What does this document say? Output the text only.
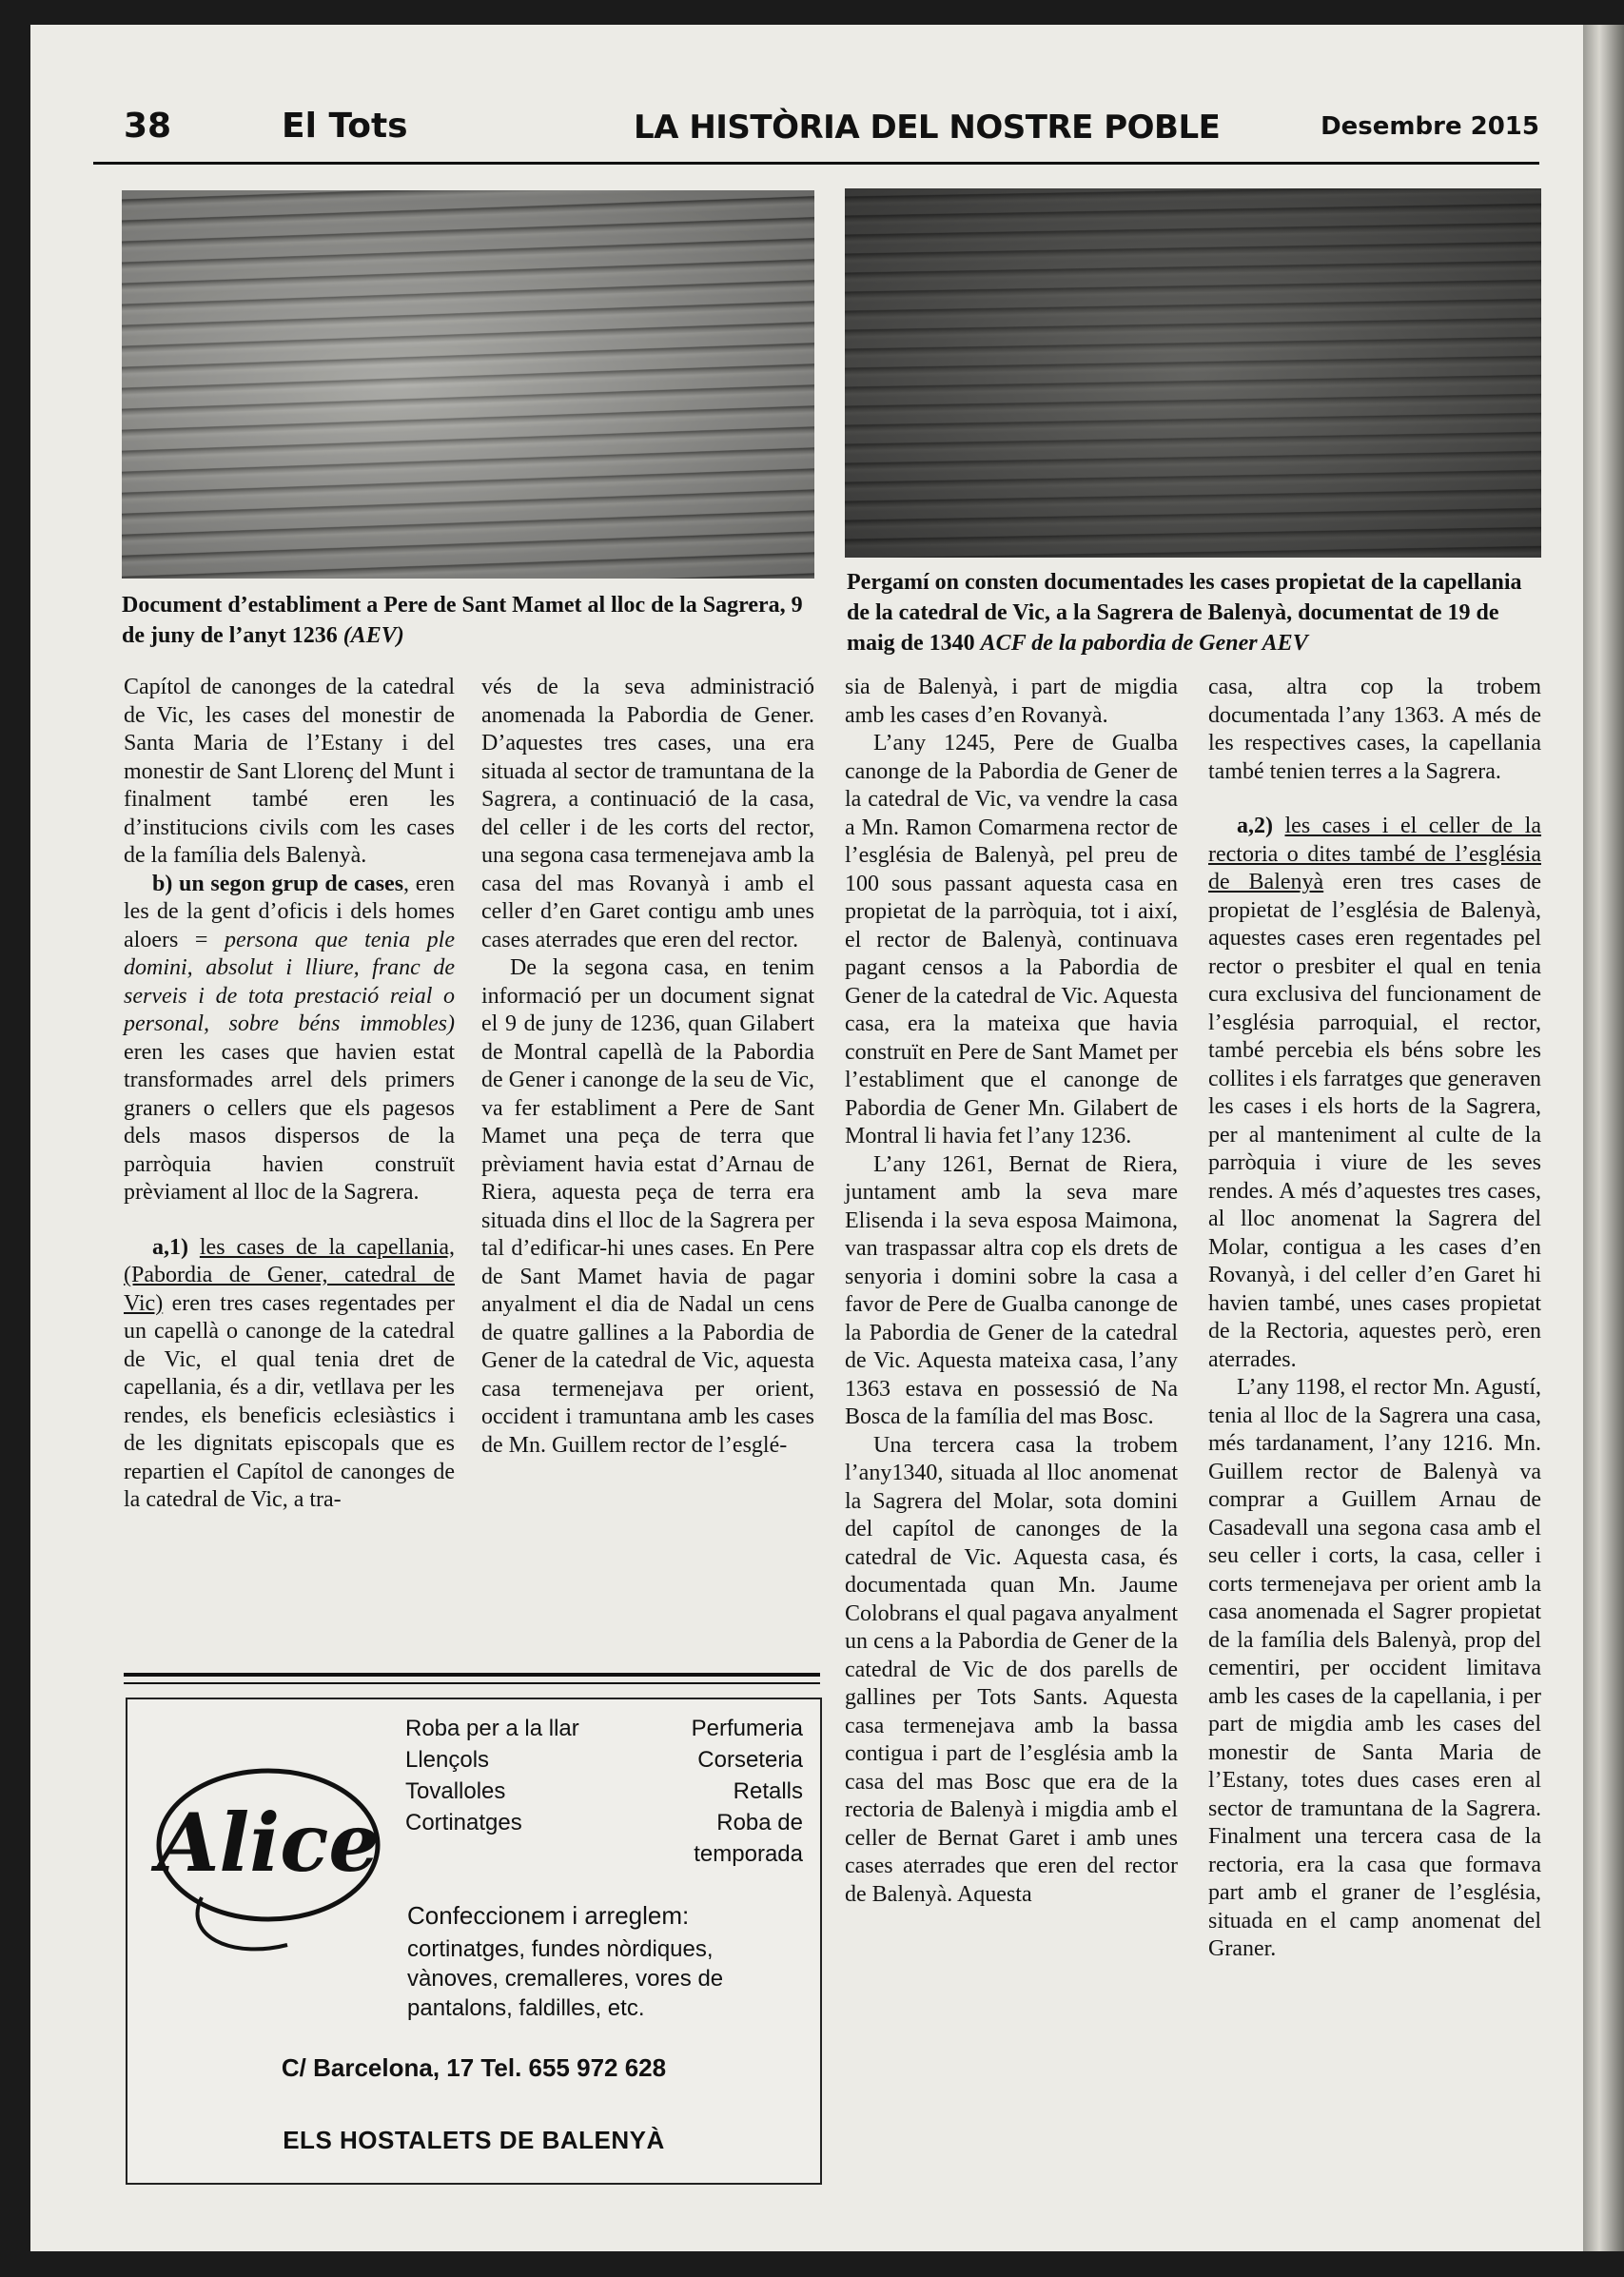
38	El Tots	LA HISTÒRIA DEL NOSTRE POBLE	Desembre 2015
Document d’establiment a Pere de Sant Mamet al lloc de la Sagrera, 9 de juny de l’anyt 1236 (AEV)
Pergamí on consten documentades les cases propietat de la capellania de la catedral de Vic, a la Sagrera de Balenyà, documentat de 19 de maig de 1340 ACF de la pabordia de Gener AEV

Capítol de canonges de la catedral de Vic, les cases del monestir de Santa Maria de l’Estany i del monestir de Sant Llorenç del Munt i finalment també eren les d’institucions civils com les cases de la família dels Balenyà.

b) un segon grup de cases, eren les de la gent d’oficis i dels homes aloers = persona que tenia ple domini, absolut i lliure, franc de serveis i de tota prestació reial o personal, sobre béns immobles) eren les cases que havien estat transformades arrel dels primers graners o cellers que els pagesos dels masos dispersos de la parròquia havien construït prèviament al lloc de la Sagrera.

a,1) les cases de la capellania, (Pabordia de Gener, catedral de Vic) eren tres cases regentades per un capellà o canonge de la catedral de Vic, el qual tenia dret de capellania, és a dir, vetllava per les rendes, els beneficis eclesiàstics i de les dignitats episcopals que es repartien el Capítol de canonges de la catedral de Vic, a tra-

vés de la seva administració anomenada la Pabordia de Gener. D’aquestes tres cases, una era situada al sector de tramuntana de la Sagrera, a continuació de la casa, del celler i de les corts del rector, una segona casa termenejava amb la casa del mas Rovanyà i amb el celler d’en Garet contigu amb unes cases aterrades que eren del rector.

De la segona casa, en tenim informació per un document signat el 9 de juny de 1236, quan Gilabert de Montral capellà de la Pabordia de Gener i canonge de la seu de Vic, va fer establiment a Pere de Sant Mamet una peça de terra que prèviament havia estat d’Arnau de Riera, aquesta peça de terra era situada dins el lloc de la Sagrera per tal d’edificar-hi unes cases. En Pere de Sant Mamet havia de pagar anyalment el dia de Nadal un cens de quatre gallines a la Pabordia de Gener de la catedral de Vic, aquesta casa termenejava per orient, occident i tramuntana amb les cases de Mn. Guillem rector de l’esglé-

sia de Balenyà, i part de migdia amb les cases d’en Rovanyà.

L’any 1245, Pere de Gualba canonge de la Pabordia de Gener de la catedral de Vic, va vendre la casa a Mn. Ramon Comarmena rector de l’església de Balenyà, pel preu de 100 sous passant aquesta casa en propietat de la parròquia, tot i així, el rector de Balenyà, continuava pagant censos a la Pabordia de Gener de la catedral de Vic. Aquesta casa, era la mateixa que havia construït en Pere de Sant Mamet per l’establiment que el canonge de Pabordia de Gener Mn. Gilabert de Montral li havia fet l’any 1236.

L’any 1261, Bernat de Riera, juntament amb la seva mare Elisenda i la seva esposa Maimona, van traspassar altra cop els drets de senyoria i domini sobre la casa a favor de Pere de Gualba canonge de la Pabordia de Gener de la catedral de Vic. Aquesta mateixa casa, l’any 1363 estava en possessió de Na Bosca de la família del mas Bosc.

Una tercera casa la trobem l’any1340, situada al lloc anomenat la Sagrera del Molar, sota domini del capítol de canonges de la catedral de Vic. Aquesta casa, és documentada quan Mn. Jaume Colobrans el qual pagava anyalment un cens a la Pabordia de Gener de la catedral de Vic de dos parells de gallines per Tots Sants. Aquesta casa termenejava amb la bassa contigua i part de l’església amb la casa del mas Bosc que era de la rectoria de Balenyà i migdia amb el celler de Bernat Garet i amb unes cases aterrades que eren del rector de Balenyà. Aquesta

casa, altra cop la trobem documentada l’any 1363. A més de les respectives cases, la capellania també tenien terres a la Sagrera.

a,2) les cases i el celler de la rectoria o dites també de l’església de Balenyà eren tres cases de propietat de l’església de Balenyà, aquestes cases eren regentades pel rector o presbiter el qual en tenia cura exclusiva del funcionament de l’església parroquial, el rector, també percebia els béns sobre les collites i els farratges que generaven les cases i els horts de la Sagrera, per al manteniment al culte de la parròquia i viure de les seves rendes. A més d’aquestes tres cases, al lloc anomenat la Sagrera del Molar, contigua a les cases d’en Rovanyà, i del celler d’en Garet hi havien també, unes cases propietat de la Rectoria, aquestes però, eren aterrades.

L’any 1198, el rector Mn. Agustí, tenia al lloc de la Sagrera una casa, més tardanament, l’any 1216. Mn. Guillem rector de Balenyà va comprar a Guillem Arnau de Casadevall una segona casa amb el seu celler i corts, la casa, celler i corts termenejava per orient amb la casa anomenada el Sagrer propietat de la família dels Balenyà, prop del cementiri, per occident limitava amb les cases de la capellania, i per part de migdia amb les cases del monestir de Santa Maria de l’Estany, totes dues cases eren al sector de tramuntana de la Sagrera. Finalment una tercera casa de la rectoria, era la casa que formava part amb el graner de l’església, situada en el camp anomenat del Graner.

Alice
Roba per a la llar
Llençols
Tovalloles
Cortinatges
Perfumeria
Corseteria
Retalls
Roba de
temporada
Confeccionem i arreglem:
cortinatges, fundes nòrdiques, vànoves, cremalleres, vores de pantalons, faldilles, etc.
C/ Barcelona, 17 Tel. 655 972 628
ELS HOSTALETS DE BALENYÀ
